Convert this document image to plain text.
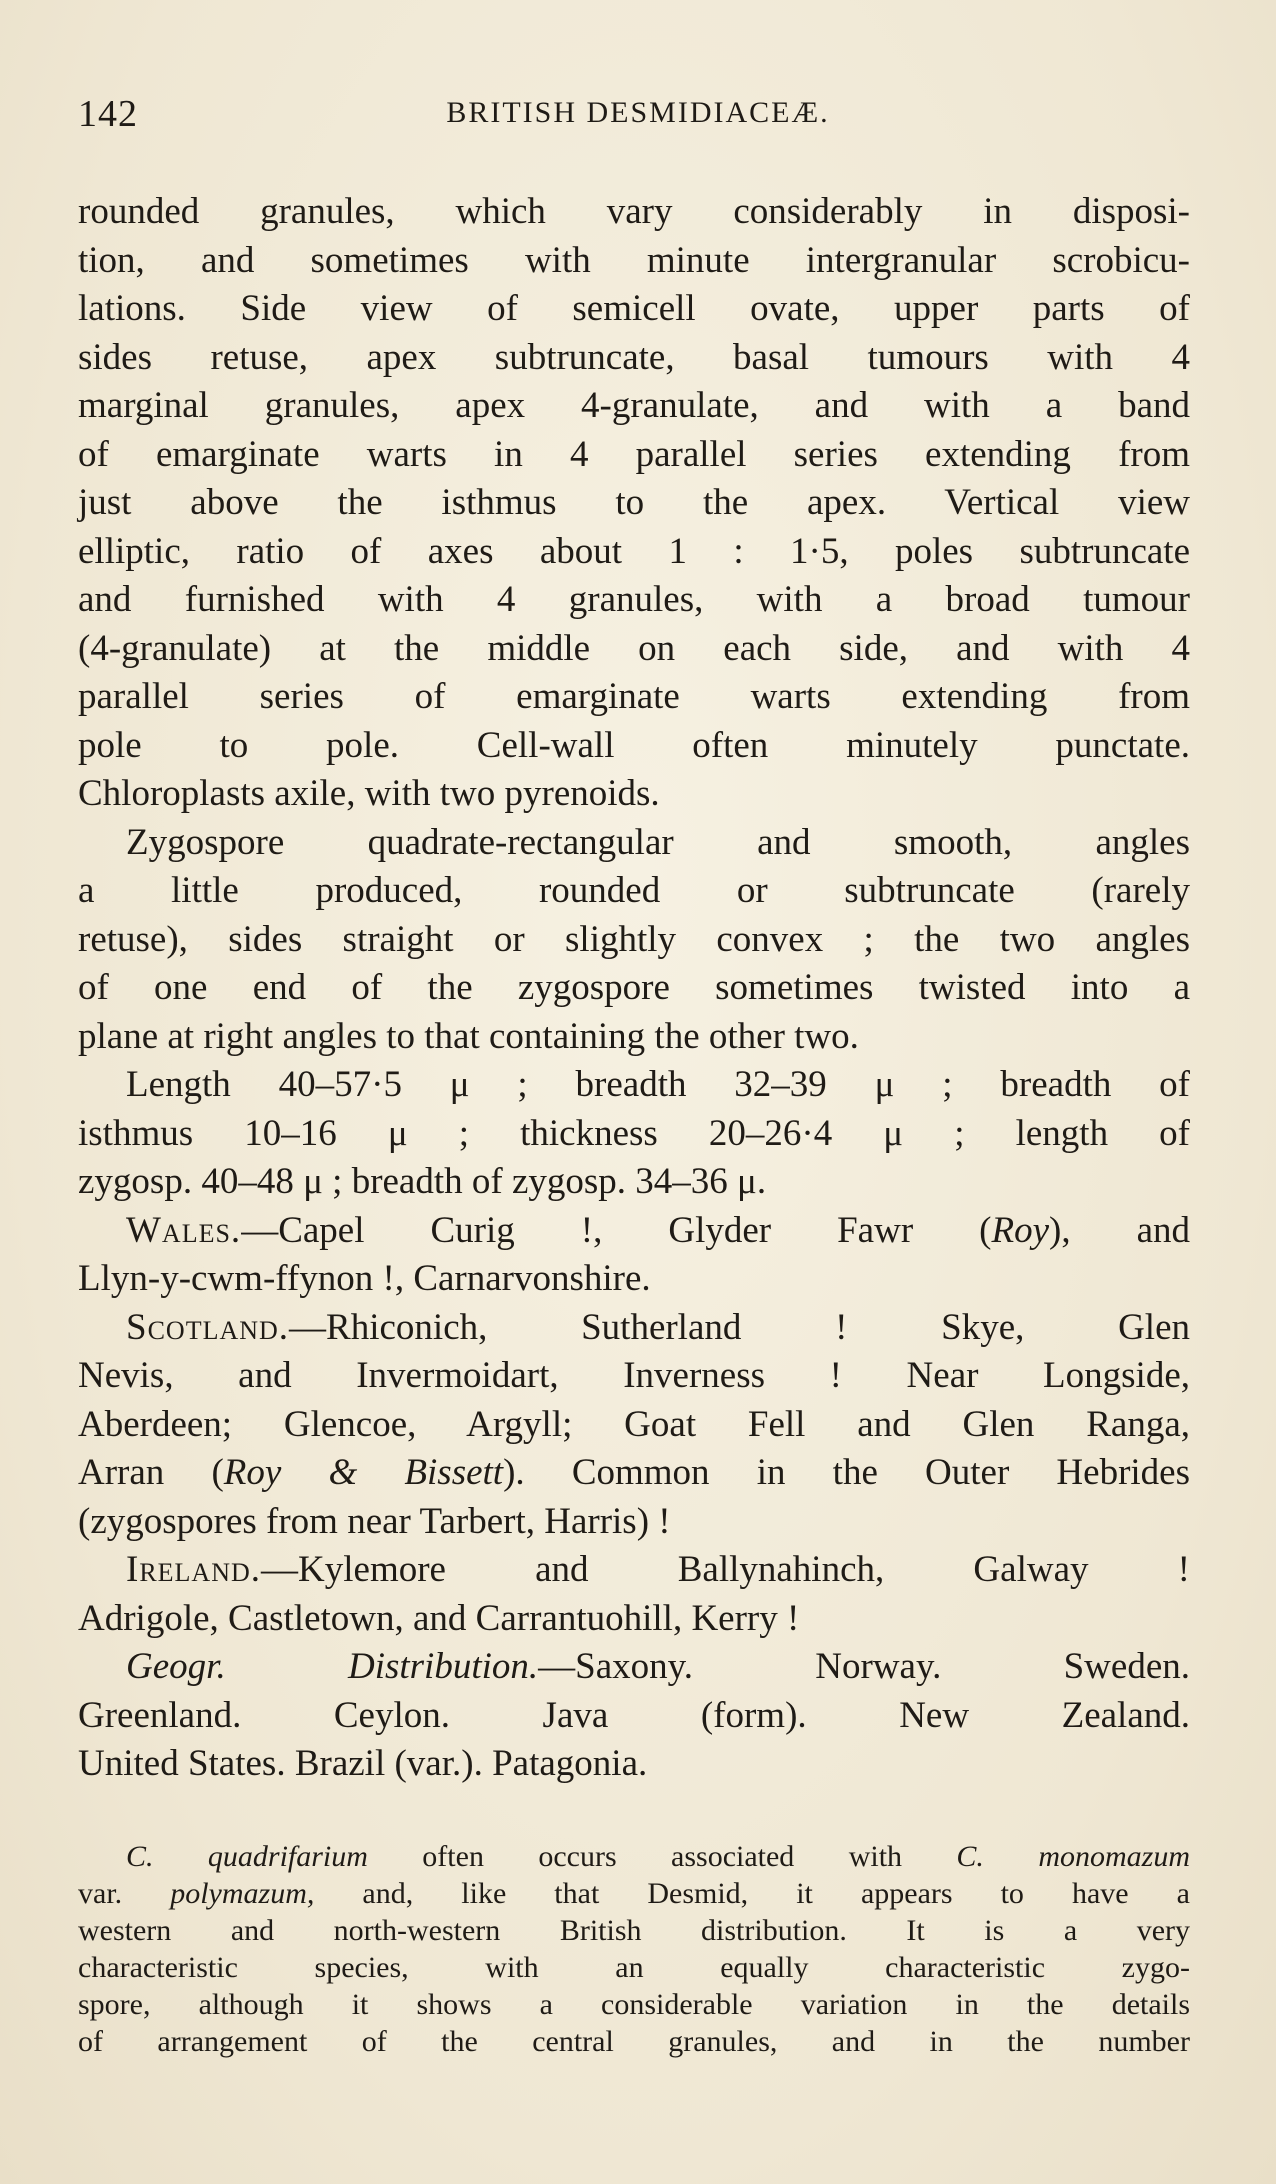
142	BRITISH DESMIDIACEÆ.
rounded granules, which vary considerably in disposi-
tion, and sometimes with minute intergranular scrobicu-
lations. Side view of semicell ovate, upper parts of
sides retuse, apex subtruncate, basal tumours with 4
marginal granules, apex 4-granulate, and with a band
of emarginate warts in 4 parallel series extending from
just above the isthmus to the apex. Vertical view
elliptic, ratio of axes about 1 : 1·5, poles subtruncate
and furnished with 4 granules, with a broad tumour
(4-granulate) at the middle on each side, and with 4
parallel series of emarginate warts extending from
pole to pole. Cell-wall often minutely punctate.
Chloroplasts axile, with two pyrenoids.
Zygospore quadrate-rectangular and smooth, angles
a little produced, rounded or subtruncate (rarely
retuse), sides straight or slightly convex ; the two angles
of one end of the zygospore sometimes twisted into a
plane at right angles to that containing the other two.
Length 40–57·5 μ ; breadth 32–39 μ ; breadth of
isthmus 10–16 μ ; thickness 20–26·4 μ ; length of
zygosp. 40–48 μ ; breadth of zygosp. 34–36 μ.
Wales.—Capel Curig !, Glyder Fawr (Roy), and
Llyn-y-cwm-ffynon !, Carnarvonshire.
Scotland.—Rhiconich, Sutherland ! Skye, Glen
Nevis, and Invermoidart, Inverness ! Near Longside,
Aberdeen; Glencoe, Argyll; Goat Fell and Glen Ranga,
Arran (Roy & Bissett). Common in the Outer Hebrides
(zygospores from near Tarbert, Harris) !
Ireland.—Kylemore and Ballynahinch, Galway !
Adrigole, Castletown, and Carrantuohill, Kerry !
Geogr. Distribution.—Saxony. Norway. Sweden.
Greenland. Ceylon. Java (form). New Zealand.
United States. Brazil (var.). Patagonia.
C. quadrifarium often occurs associated with C. monomazum
var. polymazum, and, like that Desmid, it appears to have a
western and north-western British distribution. It is a very
characteristic species, with an equally characteristic zygo-
spore, although it shows a considerable variation in the details
of arrangement of the central granules, and in the number
